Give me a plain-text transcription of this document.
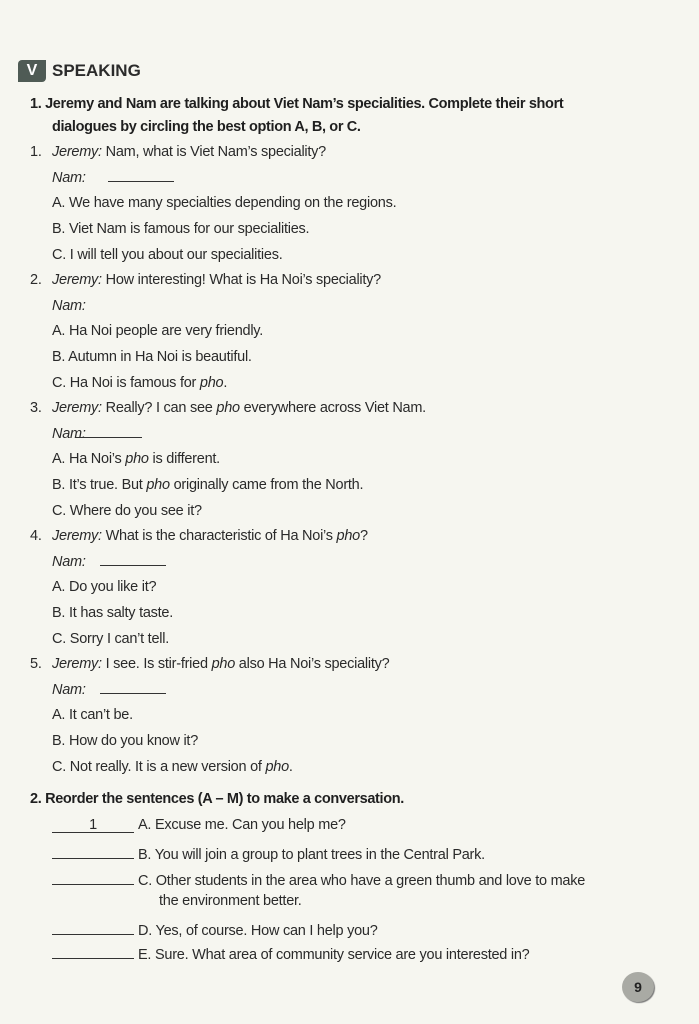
V SPEAKING
1. Jeremy and Nam are talking about Viet Nam’s specialities. Complete their short
dialogues by circling the best option A, B, or C.
1. Jeremy: Nam, what is Viet Nam’s speciality?
Nam:
A. We have many specialties depending on the regions.
B. Viet Nam is famous for our specialities.
C. I will tell you about our specialities.
2. Jeremy: How interesting! What is Ha Noi’s speciality?
Nam:
A. Ha Noi people are very friendly.
B. Autumn in Ha Noi is beautiful.
C. Ha Noi is famous for pho.
3. Jeremy: Really? I can see pho everywhere across Viet Nam.
Nam:
A. Ha Noi’s pho is different.
B. It’s true. But pho originally came from the North.
C. Where do you see it?
4. Jeremy: What is the characteristic of Ha Noi’s pho?
Nam:
A. Do you like it?
B. It has salty taste.
C. Sorry I can’t tell.
5. Jeremy: I see. Is stir-fried pho also Ha Noi’s speciality?
Nam:
A. It can’t be.
B. How do you know it?
C. Not really. It is a new version of pho.
2. Reorder the sentences (A – M) to make a conversation.
1	A. Excuse me. Can you help me?
B. You will join a group to plant trees in the Central Park.
C. Other students in the area who have a green thumb and love to make
the environment better.
D. Yes, of course. How can I help you?
E. Sure. What area of community service are you interested in?
9
